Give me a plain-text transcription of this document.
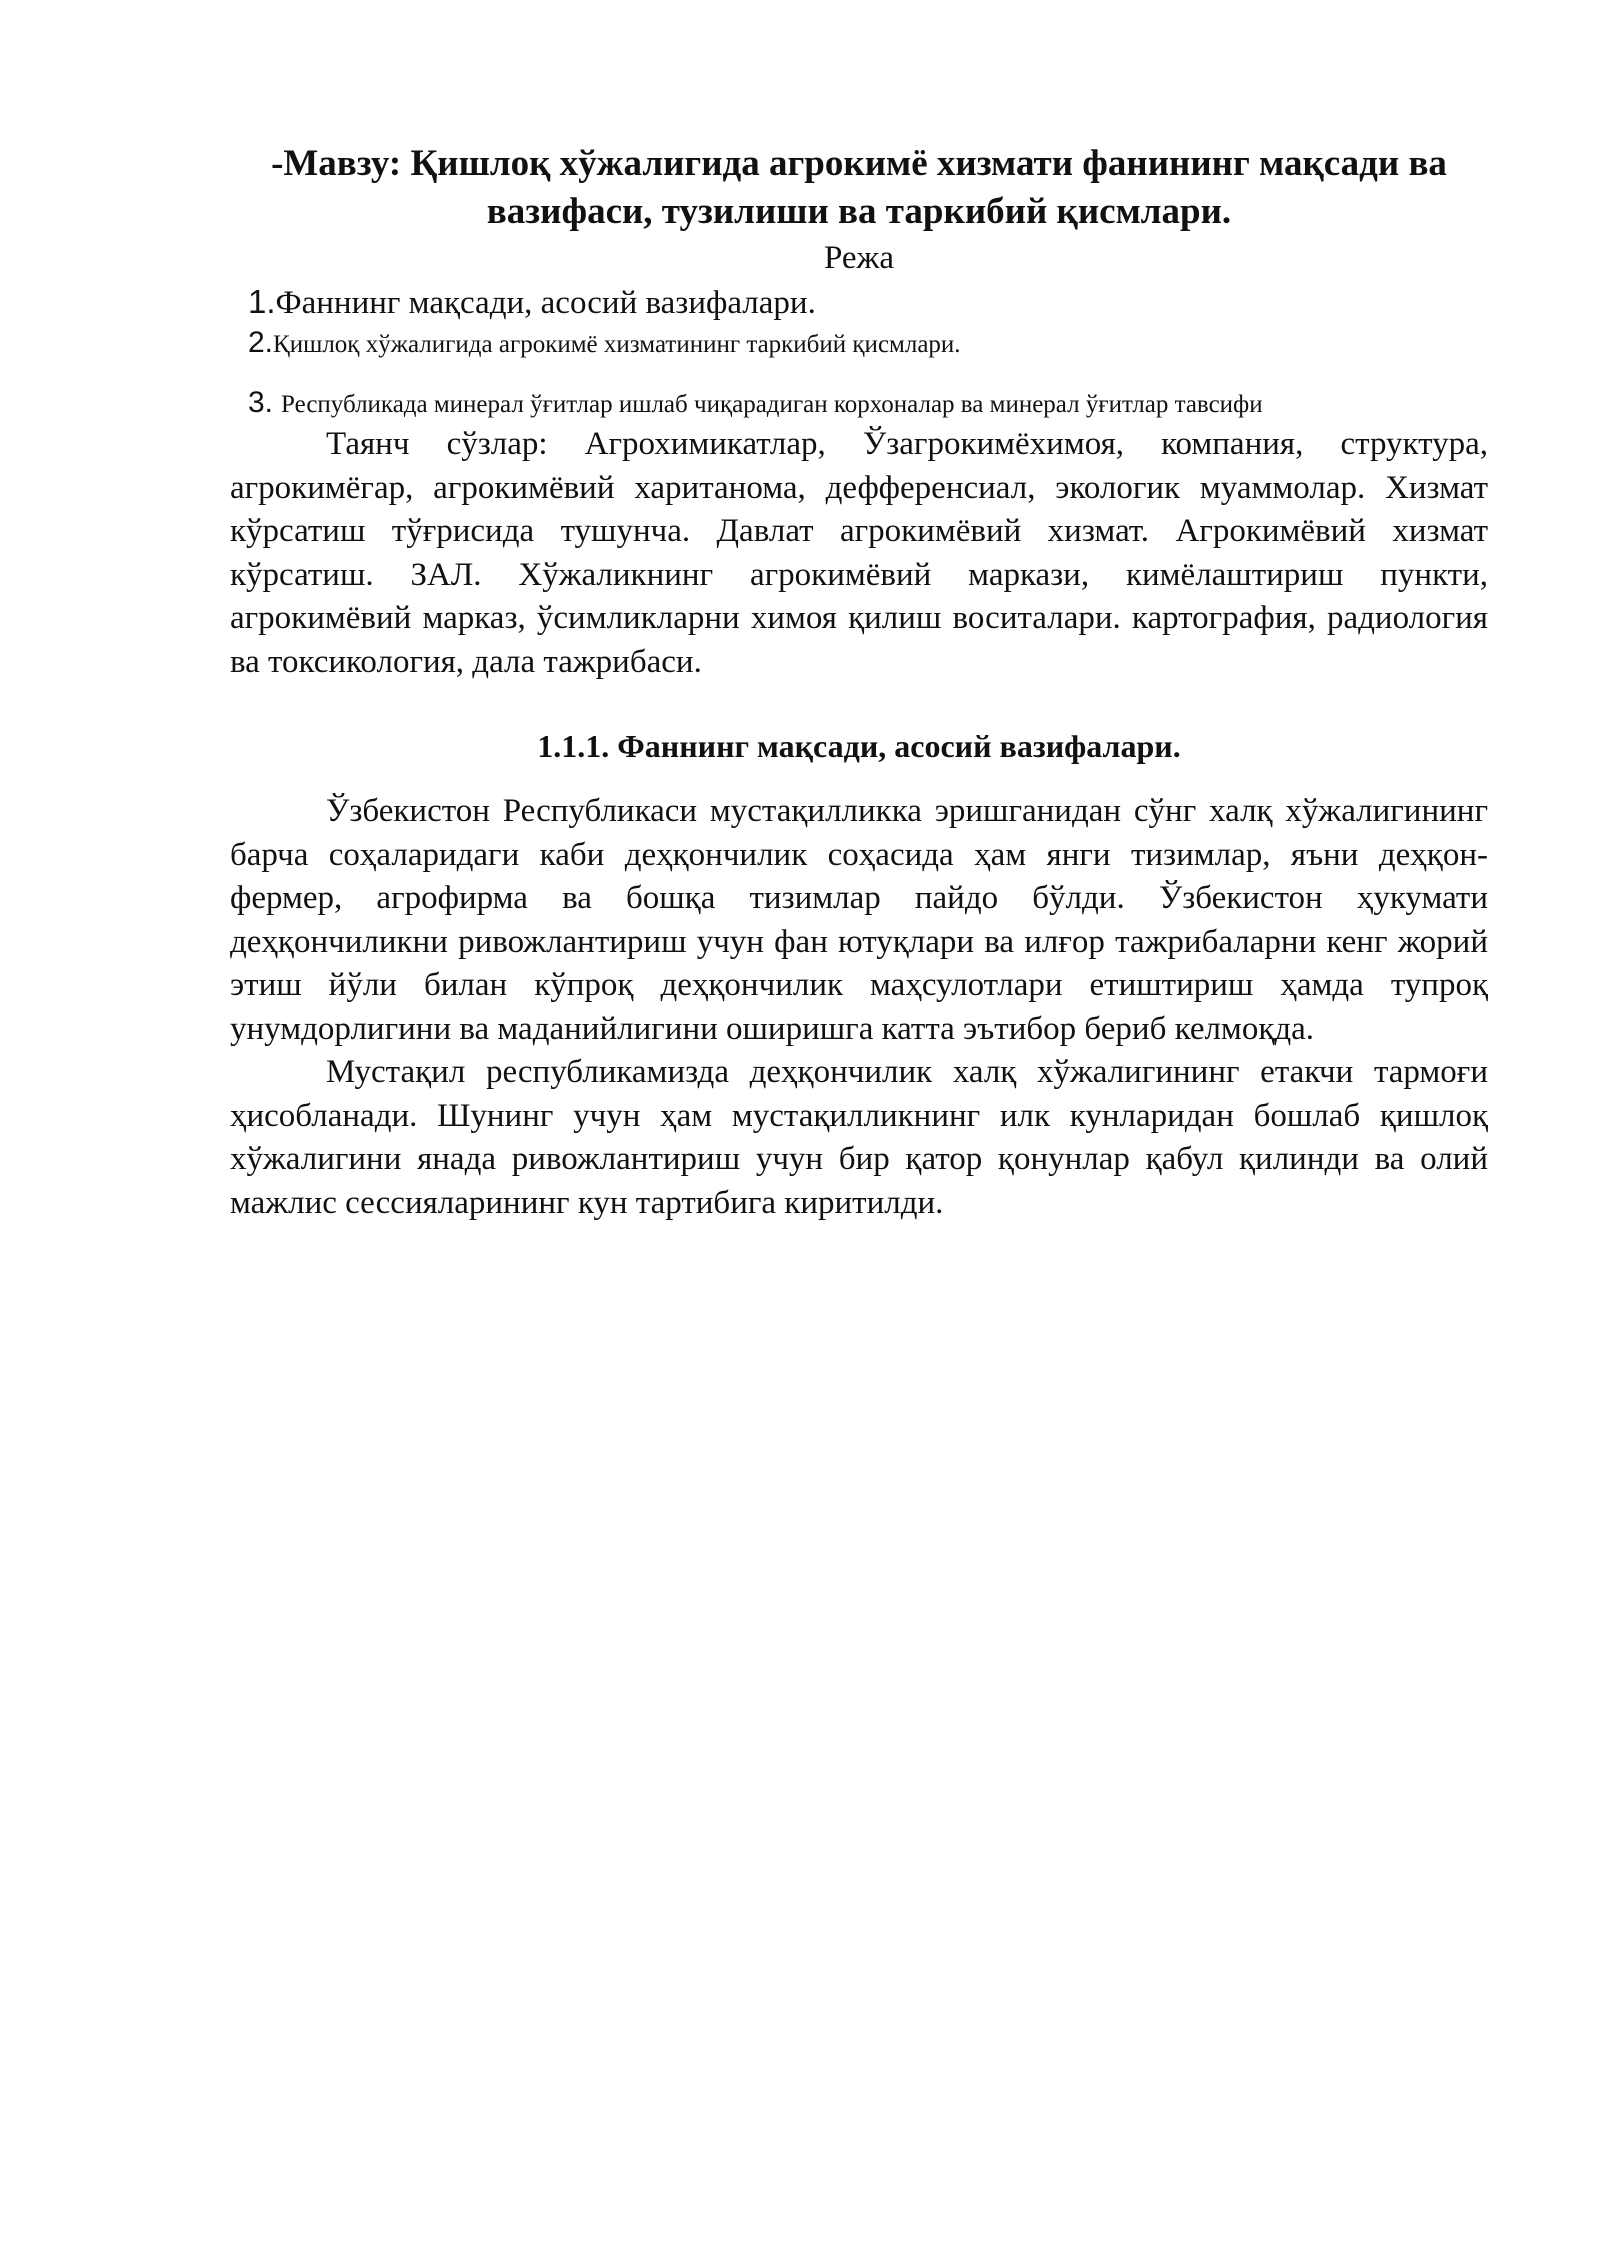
-Мавзу: Қишлоқ хўжалигида агрокимё хизмати фанининг мақсади ва вазифаси, тузилиши ва таркибий қисмлари.
Режа
1.Фаннинг мақсади, асосий вазифалари.
2.Қишлоқ хўжалигида агрокимё хизматининг таркибий қисмлари.
3. Республикада минерал ўғитлар ишлаб чиқарадиган корхоналар ва минерал ўғитлар тавсифи

Таянч сўзлар: Агрохимикатлар, Ўзагрокимёхимоя, компания, структура, агрокимёгар, агрокимёвий хаританома, дефференсиал, экологик муаммолар. Хизмат кўрсатиш тўғрисида тушунча. Давлат агрокимёвий хизмат. Агрокимёвий хизмат кўрсатиш. ЗАЛ. Хўжаликнинг агрокимёвий маркази, кимёлаштириш пункти, агрокимёвий марказ, ўсимликларни химоя қилиш воситалари. картография, радиология ва токсикология, дала тажрибаси.

1.1.1. Фаннинг мақсади, асосий вазифалари.

Ўзбекистон Республикаси мустақилликка эришганидан сўнг халқ хўжалигининг барча соҳаларидаги каби деҳқончилик соҳасида ҳам янги тизимлар, яъни деҳқон-фермер, агрофирма ва бошқа тизимлар пайдо бўлди. Ўзбекистон ҳукумати деҳқончиликни ривожлантириш учун фан ютуқлари ва илғор тажрибаларни кенг жорий этиш йўли билан кўпроқ деҳқончилик маҳсулотлари етиштириш ҳамда тупроқ унумдорлигини ва маданийлигини оширишга катта эътибор бериб келмоқда.

Мустақил республикамизда деҳқончилик халқ хўжалигининг етакчи тармоғи ҳисобланади. Шунинг учун ҳам мустақилликнинг илк кунларидан бошлаб қишлоқ хўжалигини янада ривожлантириш учун бир қатор қонунлар қабул қилинди ва олий мажлис сессияларининг кун тартибига киритилди.
